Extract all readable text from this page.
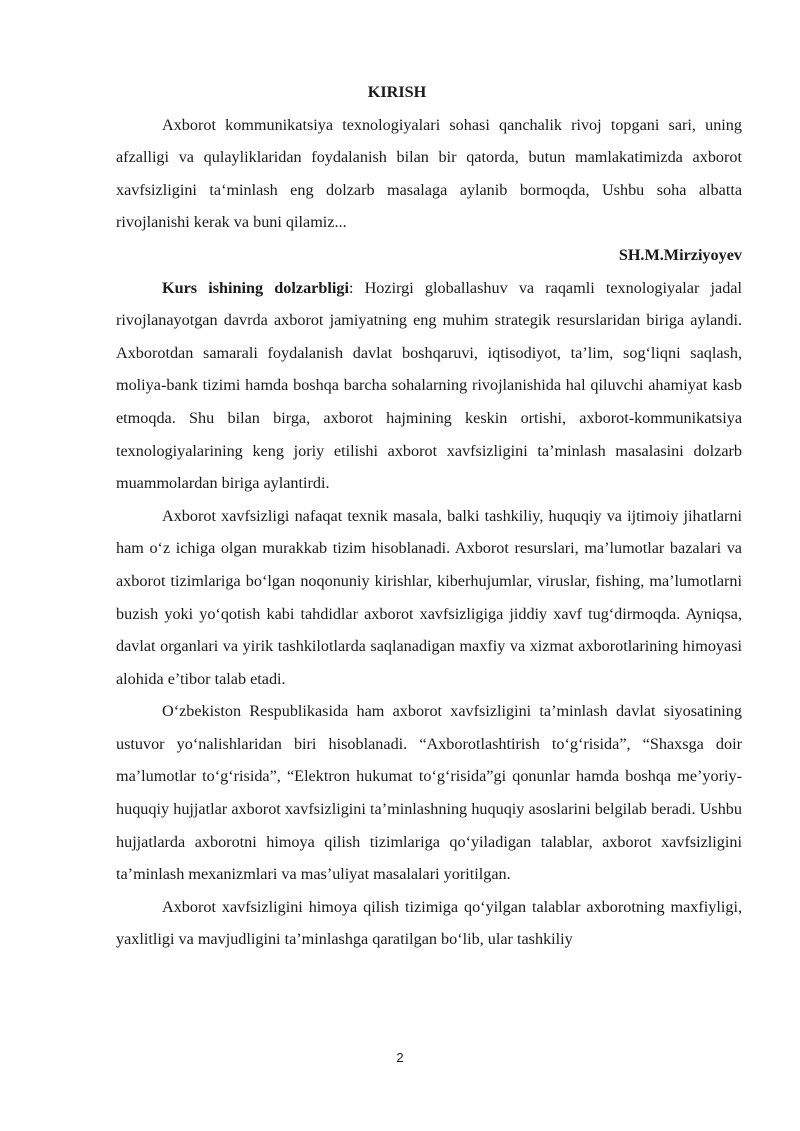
KIRISH

Axborot kommunikatsiya texnologiyalari sohasi qanchalik rivoj topgani sari, uning afzalligi va qulayliklaridan foydalanish bilan bir qatorda, butun mamlakatimizda axborot xavfsizligini ta‘minlash eng dolzarb masalaga aylanib bormoqda, Ushbu soha albatta rivojlanishi kerak va buni qilamiz...

SH.M.Mirziyoyev

Kurs ishining dolzarbligi: Hozirgi globallashuv va raqamli texnologiyalar jadal rivojlanayotgan davrda axborot jamiyatning eng muhim strategik resurslaridan biriga aylandi. Axborotdan samarali foydalanish davlat boshqaruvi, iqtisodiyot, ta’lim, sog‘liqni saqlash, moliya-bank tizimi hamda boshqa barcha sohalarning rivojlanishida hal qiluvchi ahamiyat kasb etmoqda. Shu bilan birga, axborot hajmining keskin ortishi, axborot-kommunikatsiya texnologiyalarining keng joriy etilishi axborot xavfsizligini ta’minlash masalasini dolzarb muammolardan biriga aylantirdi.

Axborot xavfsizligi nafaqat texnik masala, balki tashkiliy, huquqiy va ijtimoiy jihatlarni ham o‘z ichiga olgan murakkab tizim hisoblanadi. Axborot resurslari, ma’lumotlar bazalari va axborot tizimlariga bo‘lgan noqonuniy kirishlar, kiberhujumlar, viruslar, fishing, ma’lumotlarni buzish yoki yo‘qotish kabi tahdidlar axborot xavfsizligiga jiddiy xavf tug‘dirmoqda. Ayniqsa, davlat organlari va yirik tashkilotlarda saqlanadigan maxfiy va xizmat axborotlarining himoyasi alohida e’tibor talab etadi.

O‘zbekiston Respublikasida ham axborot xavfsizligini ta’minlash davlat siyosatining ustuvor yo‘nalishlaridan biri hisoblanadi. “Axborotlashtirish to‘g‘risida”, “Shaxsga doir ma’lumotlar to‘g‘risida”, “Elektron hukumat to‘g‘risida”gi qonunlar hamda boshqa me’yoriy-huquqiy hujjatlar axborot xavfsizligini ta’minlashning huquqiy asoslarini belgilab beradi. Ushbu hujjatlarda axborotni himoya qilish tizimlariga qo‘yiladigan talablar, axborot xavfsizligini ta’minlash mexanizmlari va mas’uliyat masalalari yoritilgan.

Axborot xavfsizligini himoya qilish tizimiga qo‘yilgan talablar axborotning maxfiyligi, yaxlitligi va mavjudligini ta’minlashga qaratilgan bo‘lib, ular tashkiliy

2
